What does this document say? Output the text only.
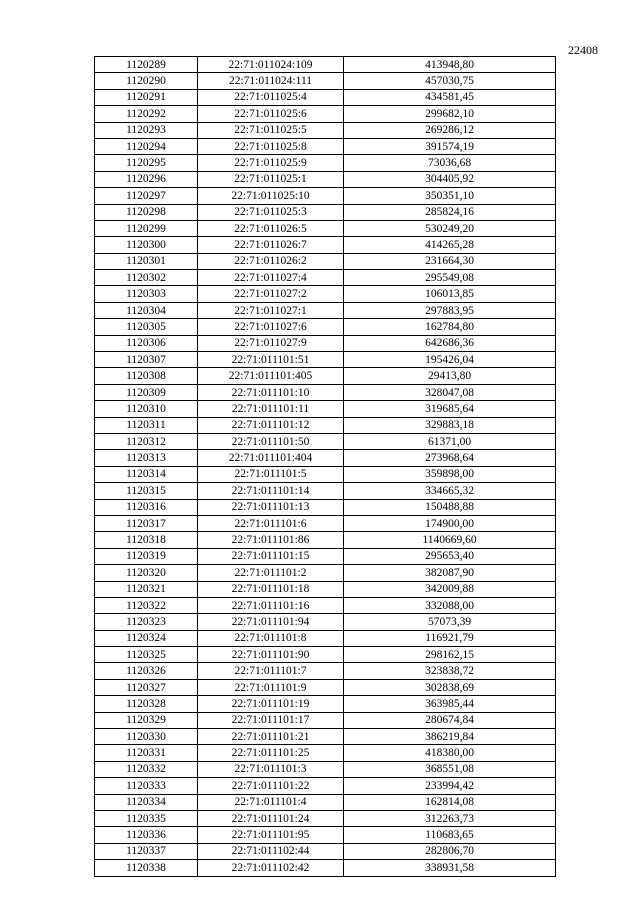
22408
1120289	22:71:011024:109	413948,80
1120290	22:71:011024:111	457030,75
1120291	22:71:011025:4	434581,45
1120292	22:71:011025:6	299682,10
1120293	22:71:011025:5	269286,12
1120294	22:71:011025:8	391574,19
1120295	22:71:011025:9	73036,68
1120296	22:71:011025:1	304405,92
1120297	22:71:011025:10	350351,10
1120298	22:71:011025:3	285824,16
1120299	22:71:011026:5	530249,20
1120300	22:71:011026:7	414265,28
1120301	22:71:011026:2	231664,30
1120302	22:71:011027:4	295549,08
1120303	22:71:011027:2	106013,85
1120304	22:71:011027:1	297883,95
1120305	22:71:011027:6	162784,80
1120306	22:71:011027:9	642686,36
1120307	22:71:011101:51	195426,04
1120308	22:71:011101:405	29413,80
1120309	22:71:011101:10	328047,08
1120310	22:71:011101:11	319685,64
1120311	22:71:011101:12	329883,18
1120312	22:71:011101:50	61371,00
1120313	22:71:011101:404	273968,64
1120314	22:71:011101:5	359898,00
1120315	22:71:011101:14	334665,32
1120316	22:71:011101:13	150488,88
1120317	22:71:011101:6	174900,00
1120318	22:71:011101:86	1140669,60
1120319	22:71:011101:15	295653,40
1120320	22:71:011101:2	382087,90
1120321	22:71:011101:18	342009,88
1120322	22:71:011101:16	332088,00
1120323	22:71:011101:94	57073,39
1120324	22:71:011101:8	116921,79
1120325	22:71:011101:90	298162,15
1120326	22:71:011101:7	323838,72
1120327	22:71:011101:9	302838,69
1120328	22:71:011101:19	363985,44
1120329	22:71:011101:17	280674,84
1120330	22:71:011101:21	386219,84
1120331	22:71:011101:25	418380,00
1120332	22:71:011101:3	368551,08
1120333	22:71:011101:22	233994,42
1120334	22:71:011101:4	162814,08
1120335	22:71:011101:24	312263,73
1120336	22:71:011101:95	110683,65
1120337	22:71:011102:44	282806,70
1120338	22:71:011102:42	338931,58
